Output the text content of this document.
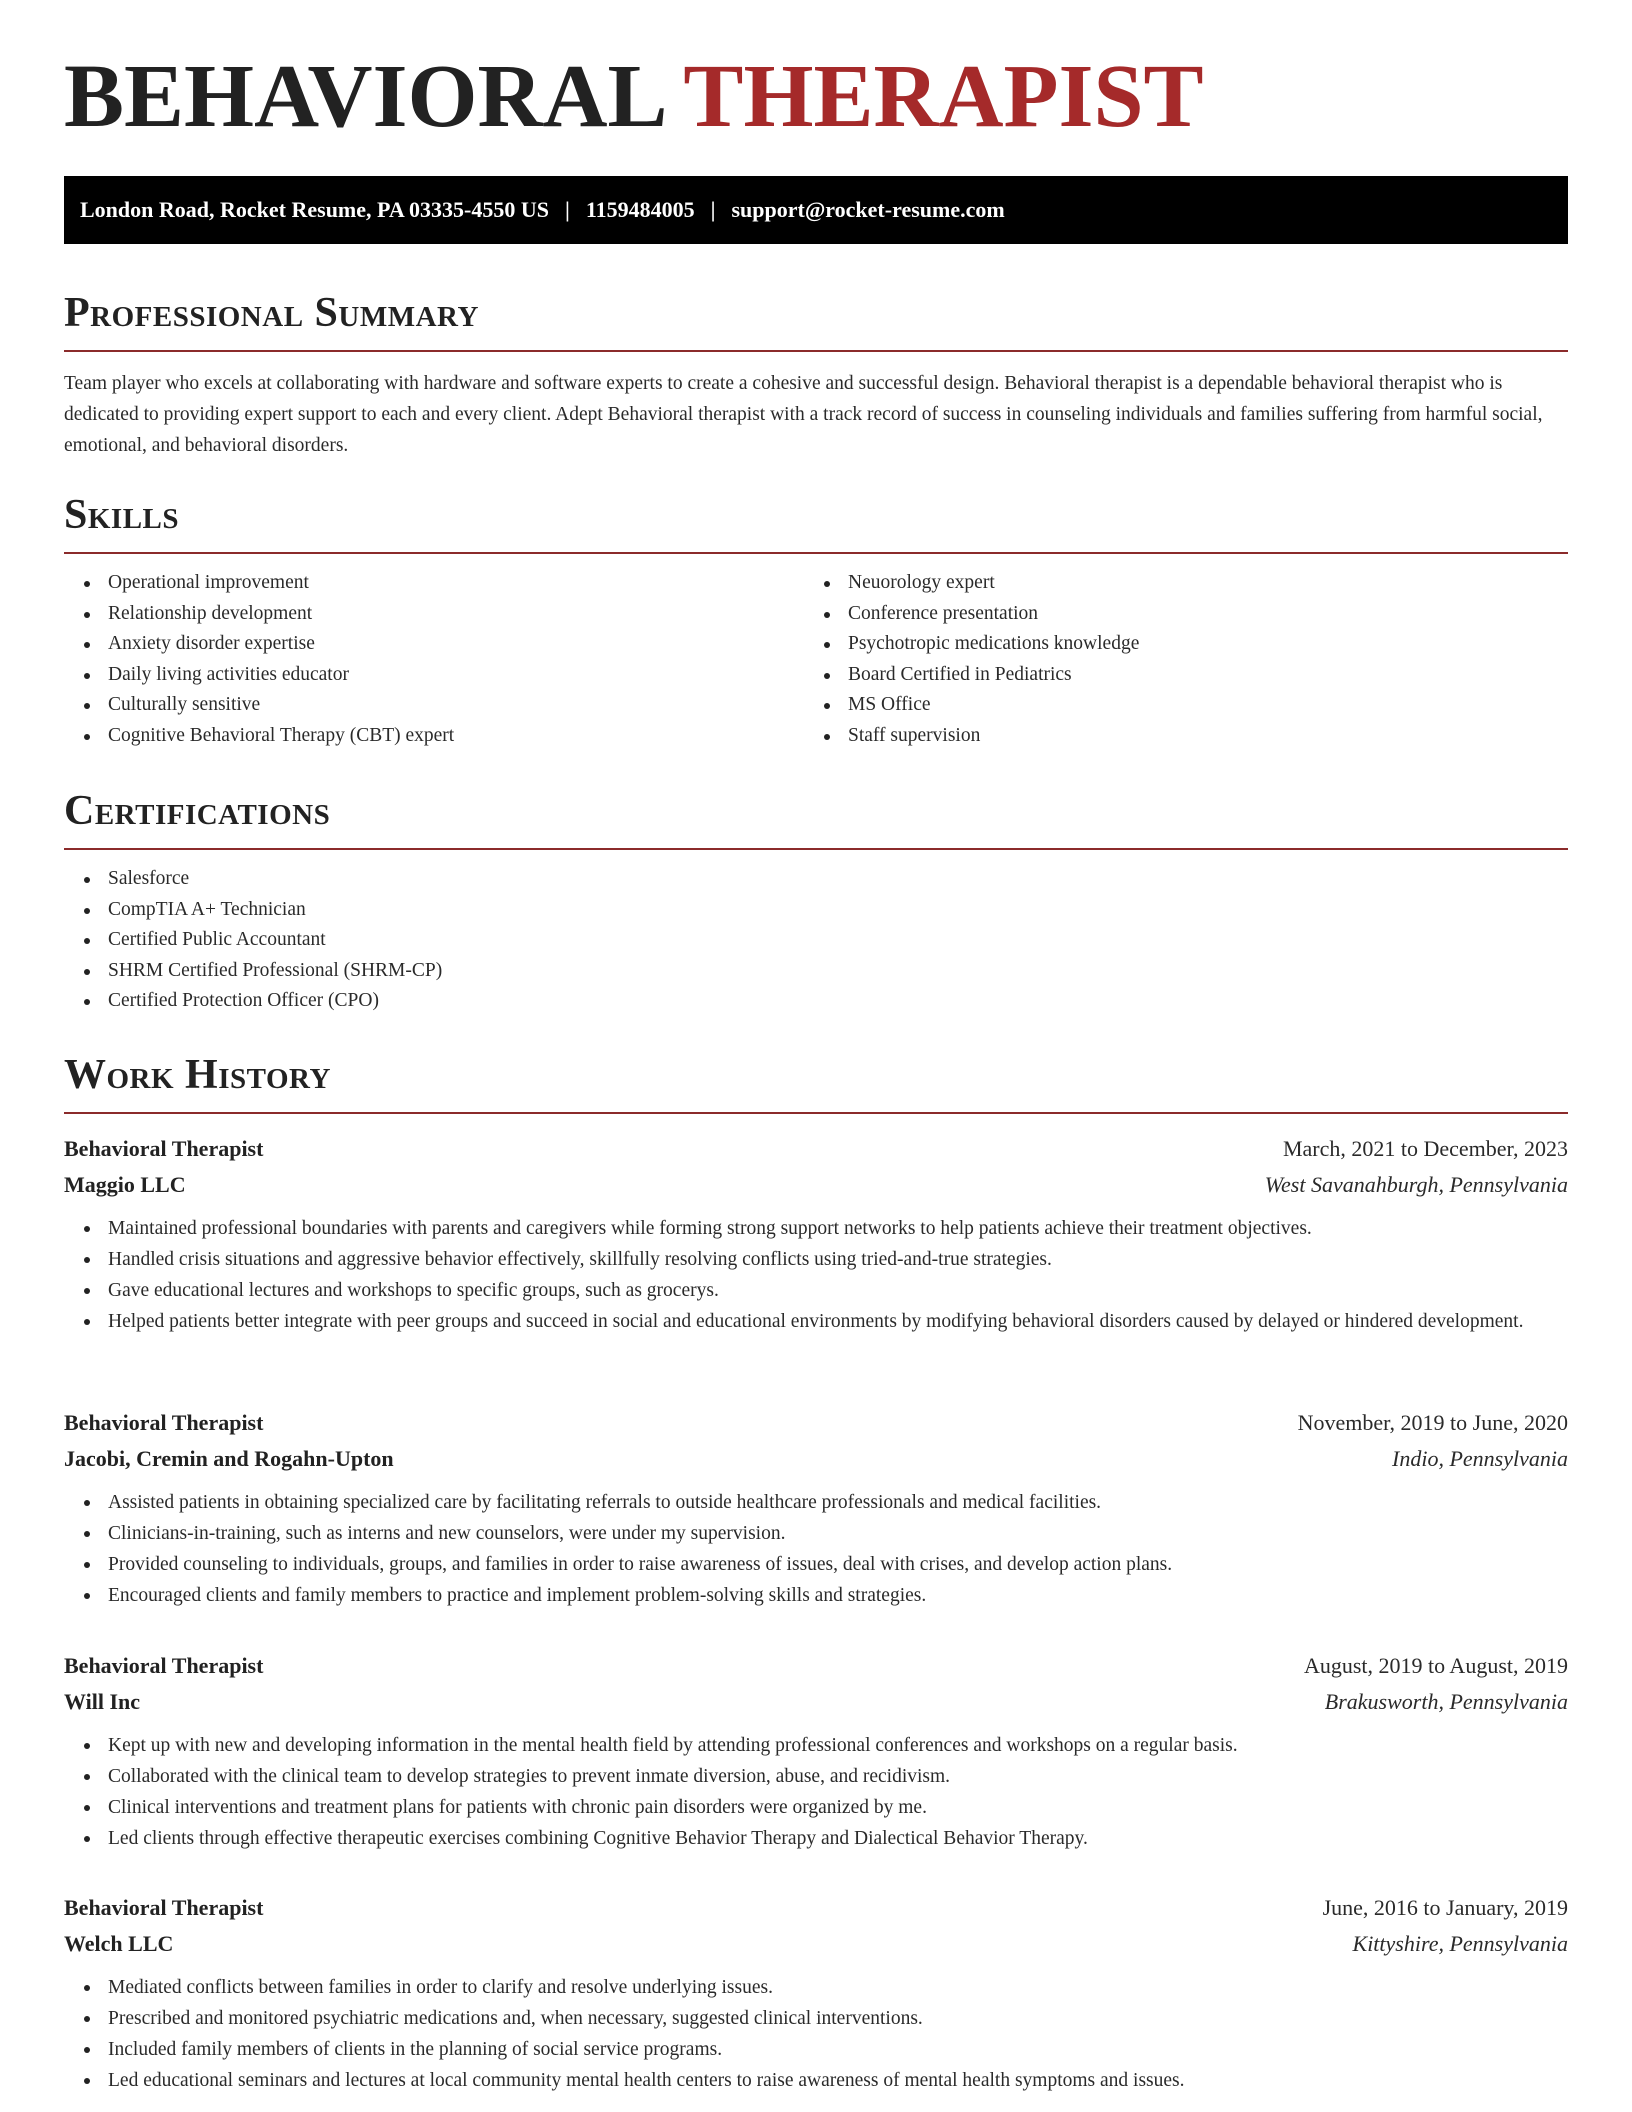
BEHAVIORAL THERAPIST
London Road, Rocket Resume, PA 03335-4550 US | 1159484005 | support@rocket-resume.com
Professional Summary
Team player who excels at collaborating with hardware and software experts to create a cohesive and successful design. Behavioral therapist is a dependable behavioral therapist who is dedicated to providing expert support to each and every client. Adept Behavioral therapist with a track record of success in counseling individuals and families suffering from harmful social, emotional, and behavioral disorders.
Skills
Operational improvement
Relationship development
Anxiety disorder expertise
Daily living activities educator
Culturally sensitive
Cognitive Behavioral Therapy (CBT) expert
Neuorology expert
Conference presentation
Psychotropic medications knowledge
Board Certified in Pediatrics
MS Office
Staff supervision
Certifications
Salesforce
CompTIA A+ Technician
Certified Public Accountant
SHRM Certified Professional (SHRM-CP)
Certified Protection Officer (CPO)
Work History
Behavioral Therapist	March, 2021 to December, 2023
Maggio LLC	West Savanahburgh, Pennsylvania
Maintained professional boundaries with parents and caregivers while forming strong support networks to help patients achieve their treatment objectives.
Handled crisis situations and aggressive behavior effectively, skillfully resolving conflicts using tried-and-true strategies.
Gave educational lectures and workshops to specific groups, such as grocerys.
Helped patients better integrate with peer groups and succeed in social and educational environments by modifying behavioral disorders caused by delayed or hindered development.
Behavioral Therapist	November, 2019 to June, 2020
Jacobi, Cremin and Rogahn-Upton	Indio, Pennsylvania
Assisted patients in obtaining specialized care by facilitating referrals to outside healthcare professionals and medical facilities.
Clinicians-in-training, such as interns and new counselors, were under my supervision.
Provided counseling to individuals, groups, and families in order to raise awareness of issues, deal with crises, and develop action plans.
Encouraged clients and family members to practice and implement problem-solving skills and strategies.
Behavioral Therapist	August, 2019 to August, 2019
Will Inc	Brakusworth, Pennsylvania
Kept up with new and developing information in the mental health field by attending professional conferences and workshops on a regular basis.
Collaborated with the clinical team to develop strategies to prevent inmate diversion, abuse, and recidivism.
Clinical interventions and treatment plans for patients with chronic pain disorders were organized by me.
Led clients through effective therapeutic exercises combining Cognitive Behavior Therapy and Dialectical Behavior Therapy.
Behavioral Therapist	June, 2016 to January, 2019
Welch LLC	Kittyshire, Pennsylvania
Mediated conflicts between families in order to clarify and resolve underlying issues.
Prescribed and monitored psychiatric medications and, when necessary, suggested clinical interventions.
Included family members of clients in the planning of social service programs.
Led educational seminars and lectures at local community mental health centers to raise awareness of mental health symptoms and issues.
